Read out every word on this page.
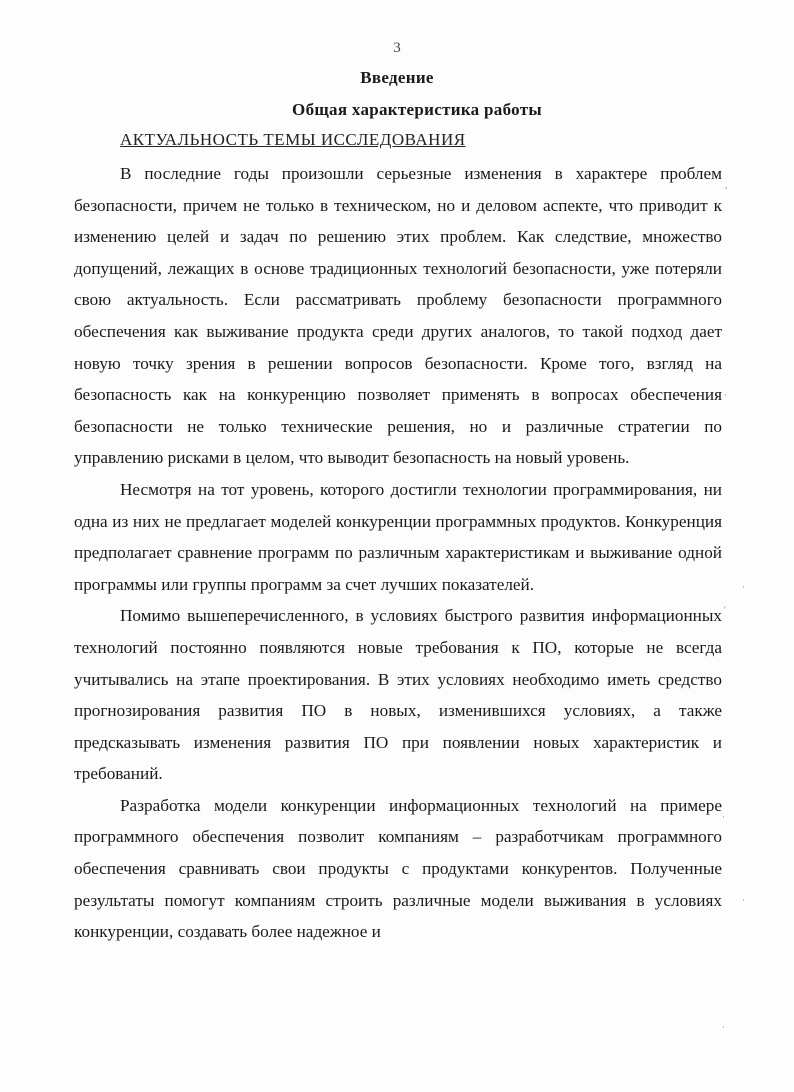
3
Введение
Общая характеристика работы
АКТУАЛЬНОСТЬ ТЕМЫ ИССЛЕДОВАНИЯ

В последние годы произошли серьезные изменения в характере проблем безопасности, причем не только в техническом, но и деловом аспекте, что приводит к изменению целей и задач по решению этих проблем. Как следствие, множество допущений, лежащих в основе традиционных технологий безопасности, уже потеряли свою актуальность. Если рассматривать проблему безопасности программного обеспечения как выживание продукта среди других аналогов, то такой подход дает новую точку зрения в решении вопросов безопасности. Кроме того, взгляд на безопасность как на конкуренцию позволяет применять в вопросах обеспечения безопасности не только технические решения, но и различные стратегии по управлению рисками в целом, что выводит безопасность на новый уровень.

Несмотря на тот уровень, которого достигли технологии программирования, ни одна из них не предлагает моделей конкуренции программных продуктов. Конкуренция предполагает сравнение программ по различным характеристикам и выживание одной программы или группы программ за счет лучших показателей.

Помимо вышеперечисленного, в условиях быстрого развития информационных технологий постоянно появляются новые требования к ПО, которые не всегда учитывались на этапе проектирования. В этих условиях необходимо иметь средство прогнозирования развития ПО в новых, изменившихся условиях, а также предсказывать изменения развития ПО при появлении новых характеристик и требований.

Разработка модели конкуренции информационных технологий на примере программного обеспечения позволит компаниям – разработчикам программного обеспечения сравнивать свои продукты с продуктами конкурентов. Полученные результаты помогут компаниям строить различные модели выживания в условиях конкуренции, создавать более надежное и

,
·
·
'
·
·
·
